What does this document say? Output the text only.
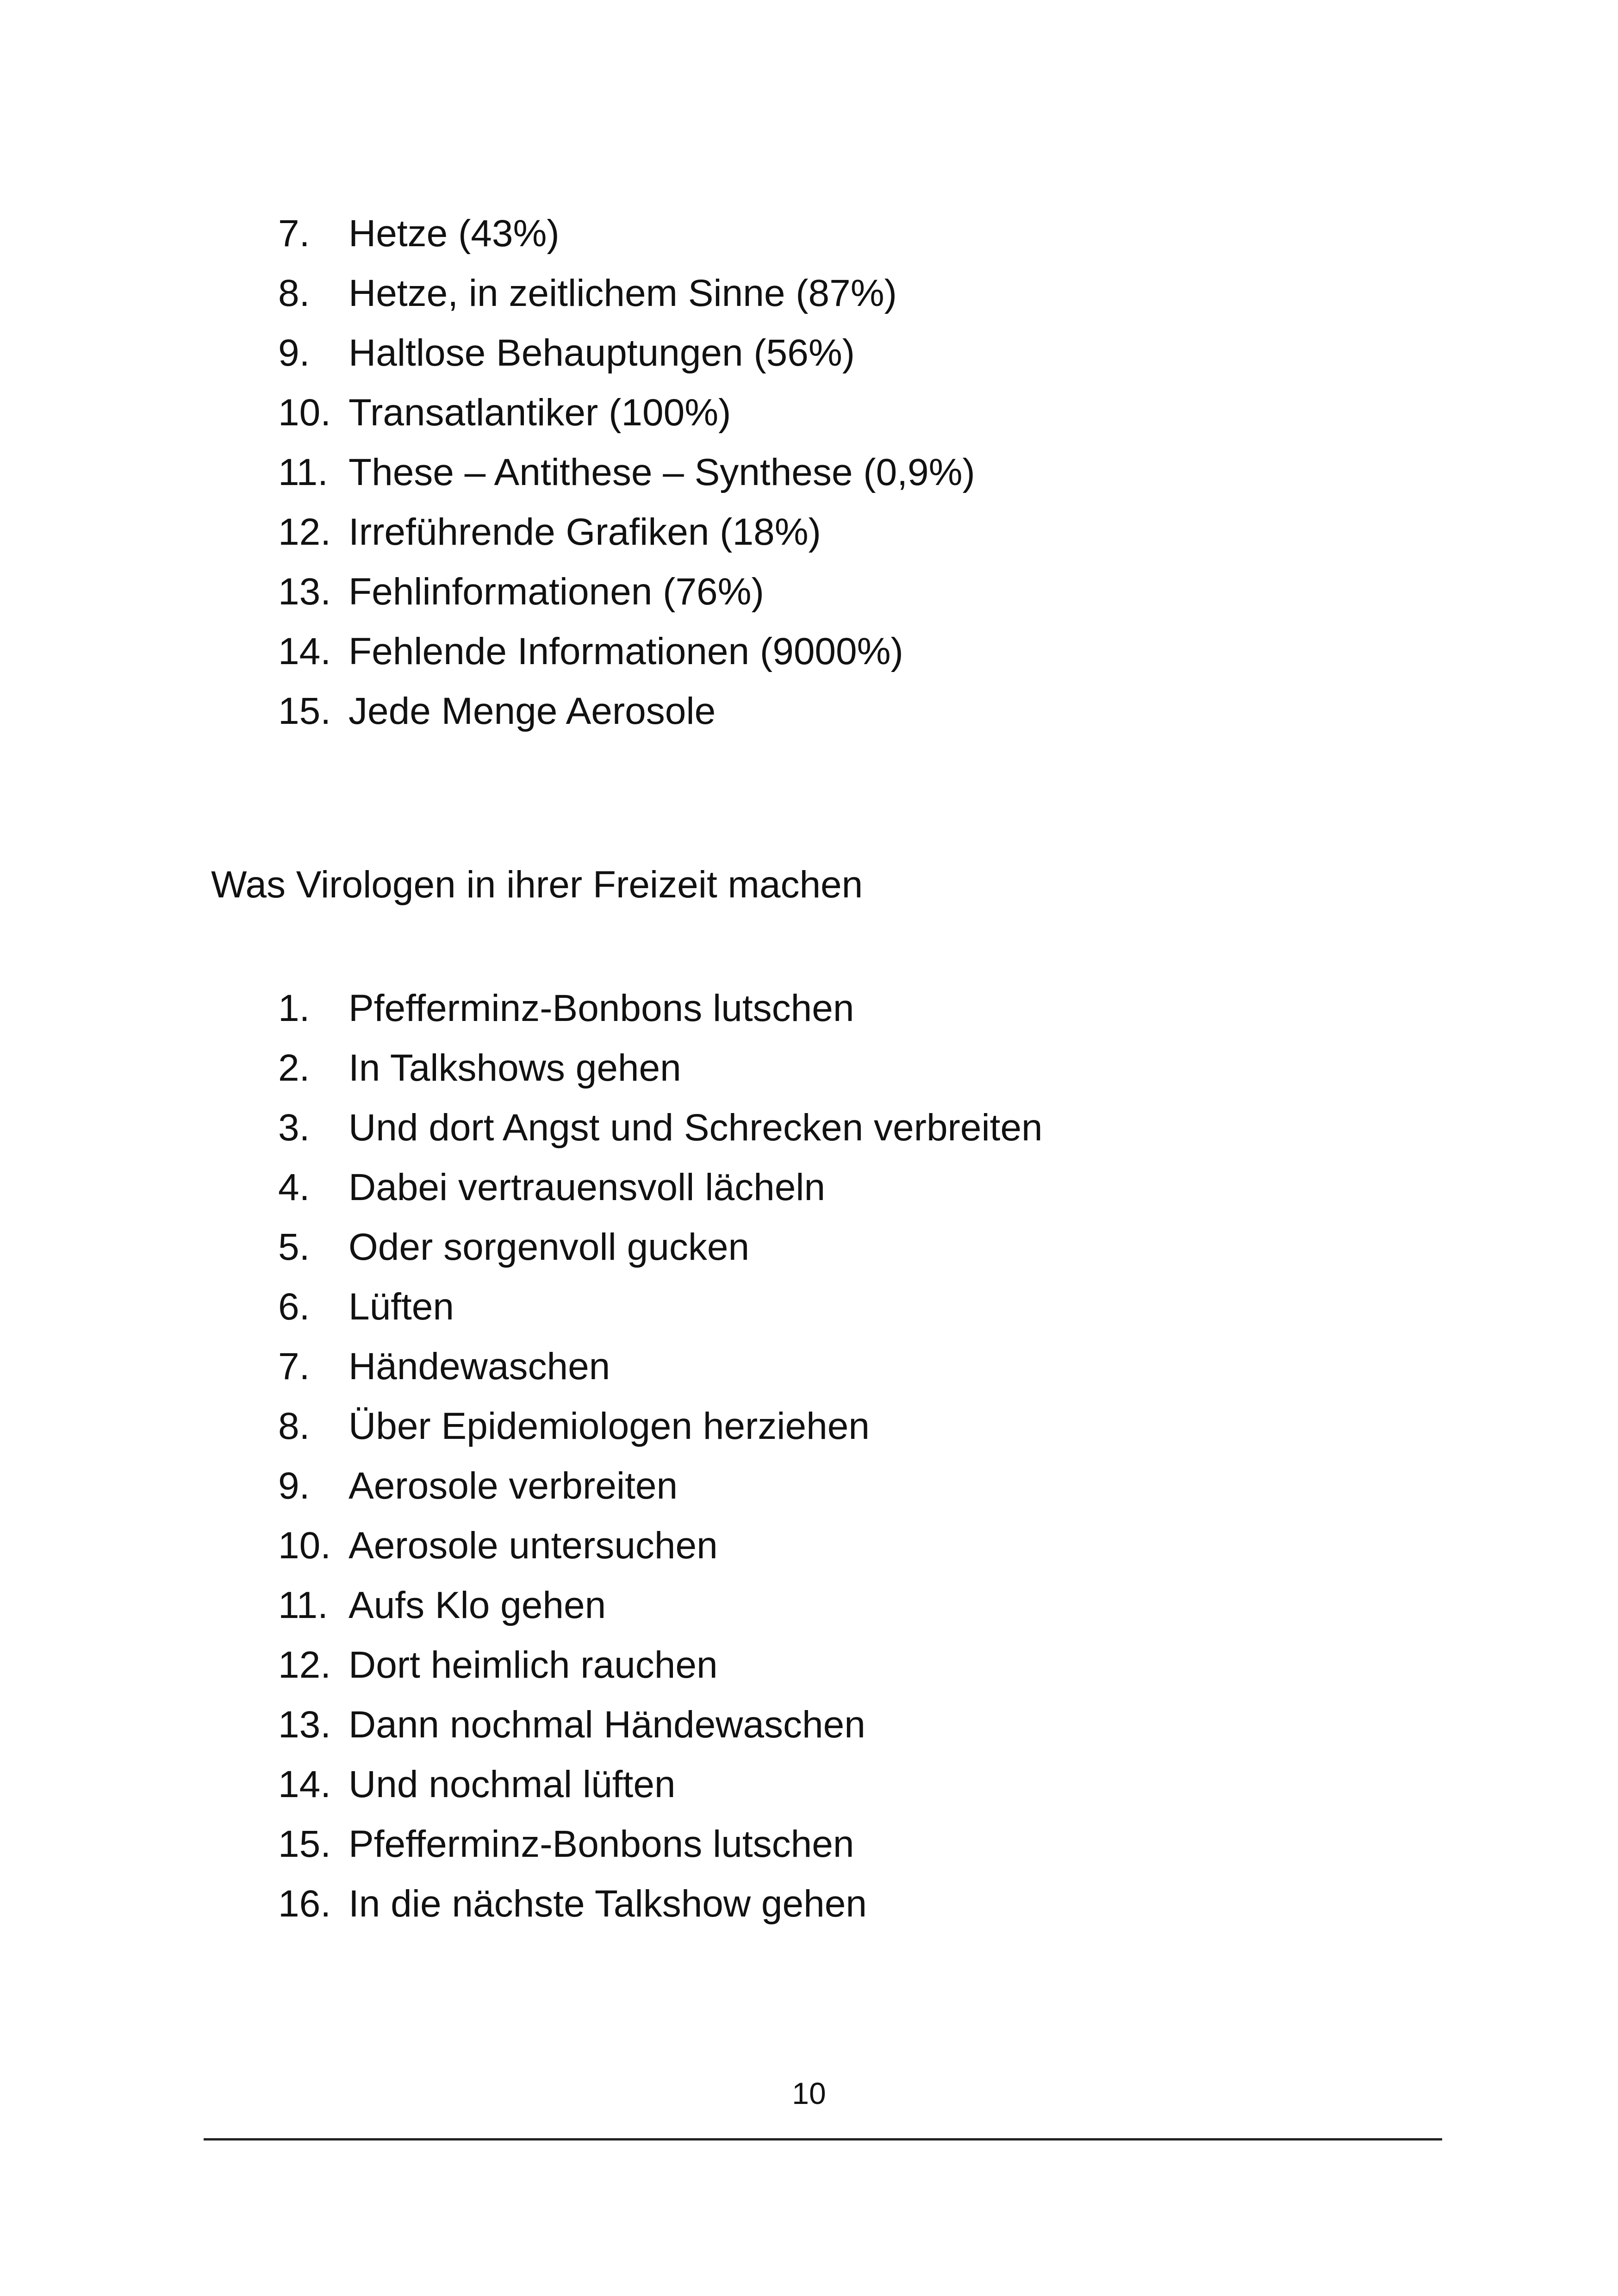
7. Hetze (43%)
8. Hetze, in zeitlichem Sinne (87%)
9. Haltlose Behauptungen (56%)
10. Transatlantiker (100%)
11. These – Antithese – Synthese (0,9%)
12. Irreführende Grafiken (18%)
13. Fehlinformationen (76%)
14. Fehlende Informationen (9000%)
15. Jede Menge Aerosole
Was Virologen in ihrer Freizeit machen
1. Pfefferminz-Bonbons lutschen
2. In Talkshows gehen
3. Und dort Angst und Schrecken verbreiten
4. Dabei vertrauensvoll lächeln
5. Oder sorgenvoll gucken
6. Lüften
7. Händewaschen
8. Über Epidemiologen herziehen
9. Aerosole verbreiten
10. Aerosole untersuchen
11. Aufs Klo gehen
12. Dort heimlich rauchen
13. Dann nochmal Händewaschen
14. Und nochmal lüften
15. Pfefferminz-Bonbons lutschen
16. In die nächste Talkshow gehen
10
